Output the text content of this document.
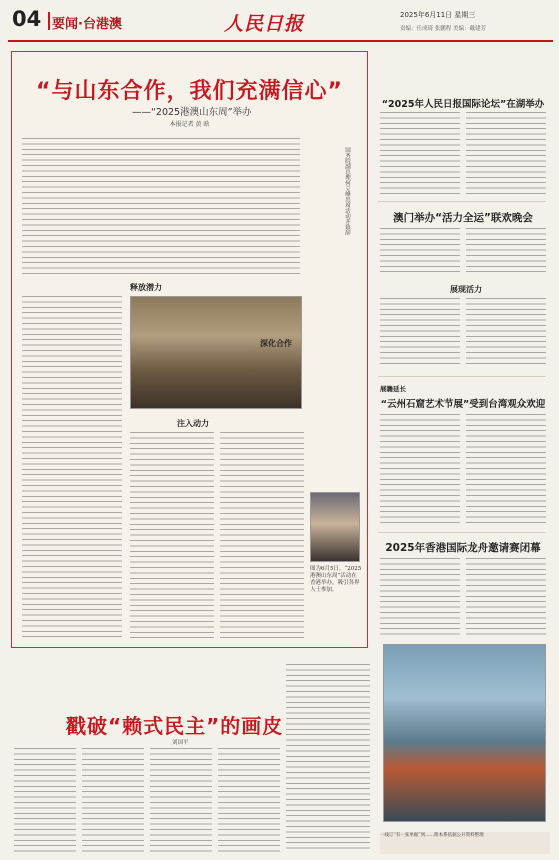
04 要闻·台港澳	人民日报	2025年6月11日 星期三
责编：任成琦 张鹏程 美编：戴建芳
“与山东合作，我们充满信心”
——“2025港澳山东周”举办
本报记者 黄 晗
国务院副总理何立峰出席活动并致辞
释放潜力
注入动力
深化合作
图为6月5日，“2025港澳山东周”活动在香港举办，吸引各界人士参加。
“2025年人民日报国际论坛”在湖举办
澳门举办“活力全运”联欢晚会
展现活力
展瞻延长
“云州石窟艺术节展”受到台湾观众欢迎
2025年香港国际龙舟邀请赛闭幕
一线订“有一张单据”到……附本系依据公开资料整理
戳破“赖式民主”的画皮
刘国平
